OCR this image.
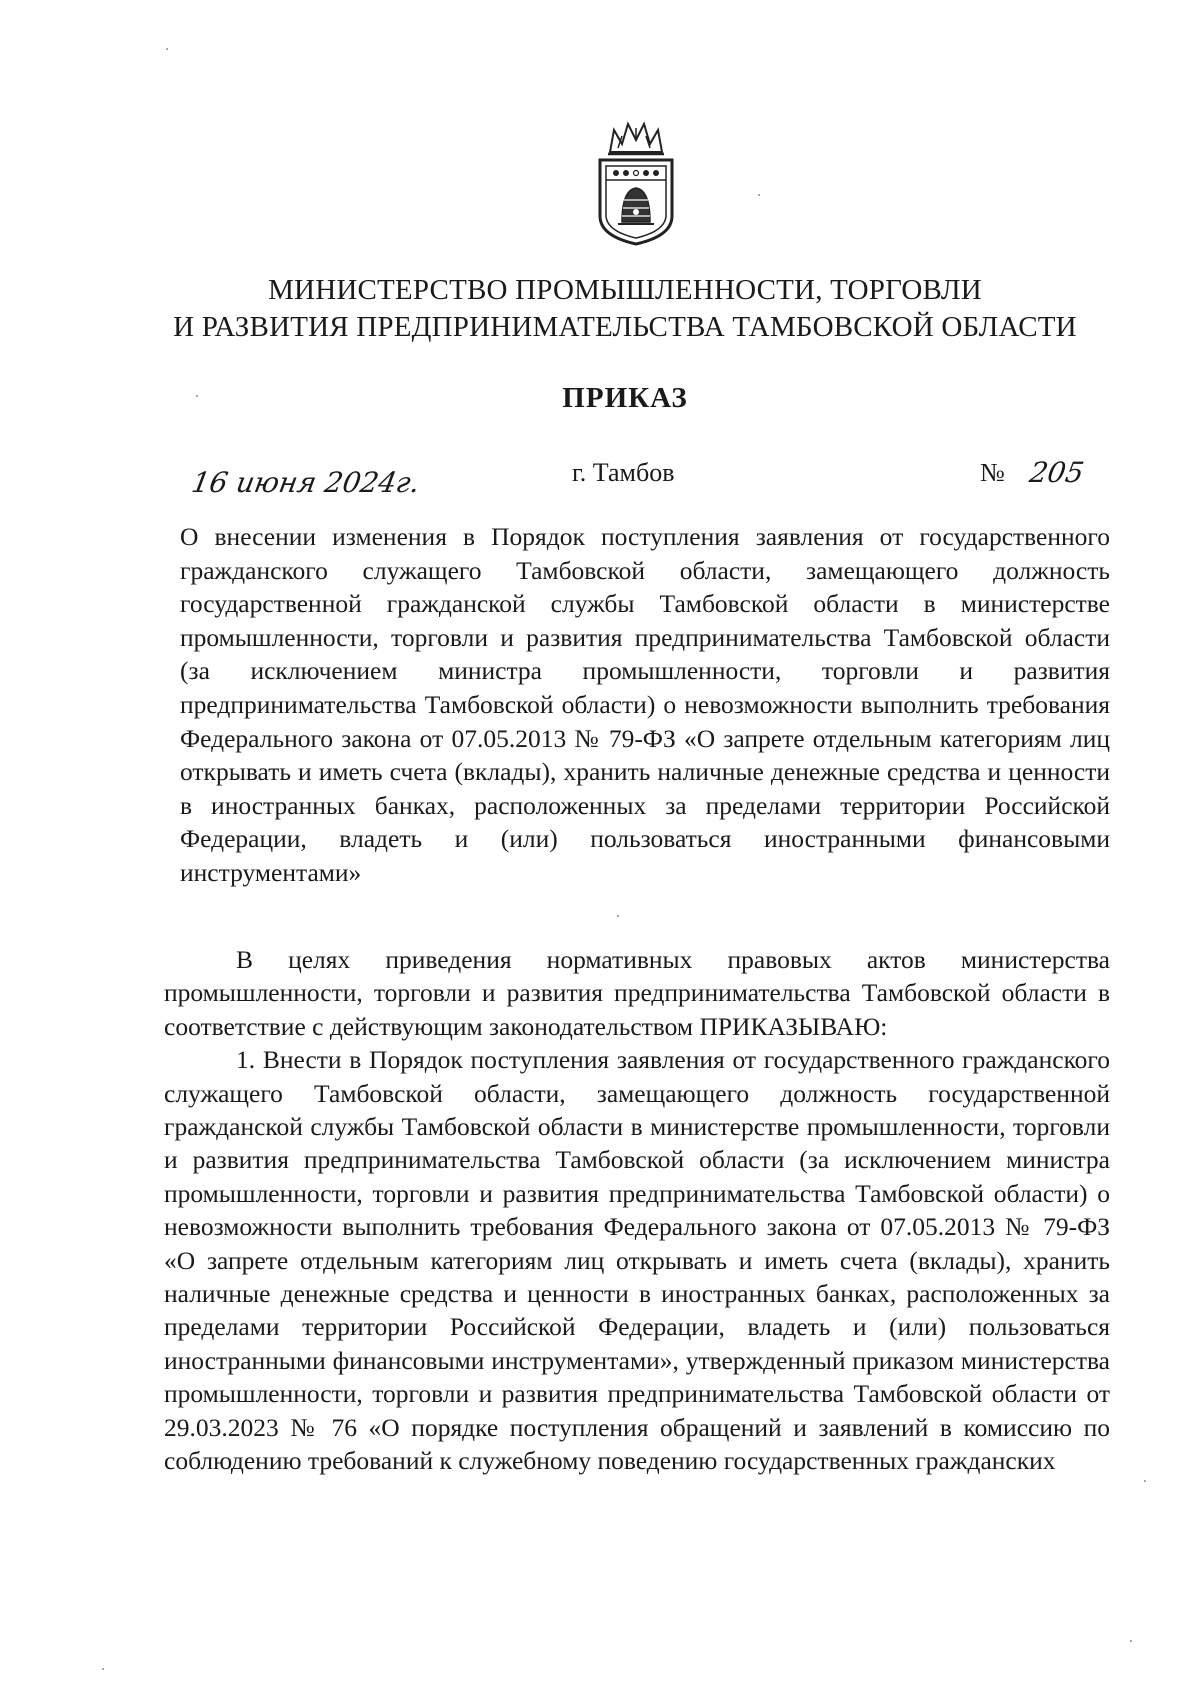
МИНИСТЕРСТВО ПРОМЫШЛЕННОСТИ, ТОРГОВЛИ
И РАЗВИТИЯ ПРЕДПРИНИМАТЕЛЬСТВА ТАМБОВСКОЙ ОБЛАСТИ
ПРИКАЗ
16 июня 2024г.	г. Тамбов	№ 205
О внесении изменения в Порядок поступления заявления от государственного гражданского служащего Тамбовской области, замещающего должность государственной гражданской службы Тамбовской области в министерстве промышленности, торговли и развития предпринимательства Тамбовской области (за исключением министра промышленности, торговли и развития предпринимательства Тамбовской области) о невозможности выполнить требования Федерального закона от 07.05.2013 № 79-ФЗ «О запрете отдельным категориям лиц открывать и иметь счета (вклады), хранить наличные денежные средства и ценности в иностранных банках, расположенных за пределами территории Российской Федерации, владеть и (или) пользоваться иностранными финансовыми инструментами»

В целях приведения нормативных правовых актов министерства промышленности, торговли и развития предпринимательства Тамбовской области в соответствие с действующим законодательством ПРИКАЗЫВАЮ:

1. Внести в Порядок поступления заявления от государственного гражданского служащего Тамбовской области, замещающего должность государственной гражданской службы Тамбовской области в министерстве промышленности, торговли и развития предпринимательства Тамбовской области (за исключением министра промышленности, торговли и развития предпринимательства Тамбовской области) о невозможности выполнить требования Федерального закона от 07.05.2013 № 79-ФЗ «О запрете отдельным категориям лиц открывать и иметь счета (вклады), хранить наличные денежные средства и ценности в иностранных банках, расположенных за пределами территории Российской Федерации, владеть и (или) пользоваться иностранными финансовыми инструментами», утвержденный приказом министерства промышленности, торговли и развития предпринимательства Тамбовской области от 29.03.2023 № 76 «О порядке поступления обращений и заявлений в комиссию по соблюдению требований к служебному поведению государственных гражданских
